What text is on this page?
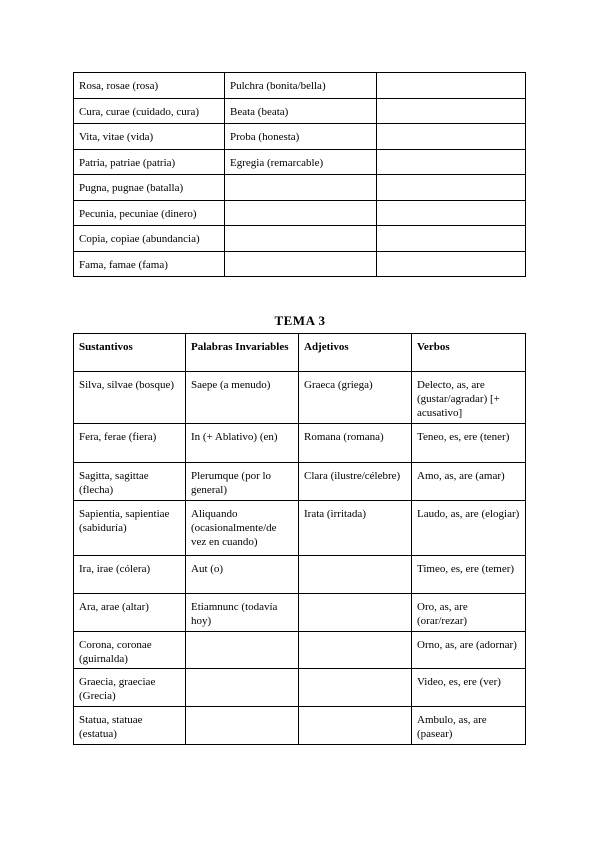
Rosa, rosae (rosa)	Pulchra (bonita/bella)	
Cura, curae (cuidado, cura)	Beata (beata)	
Vita, vitae (vida)	Proba (honesta)	
Patria, patriae (patria)	Egregia (remarcable)	
Pugna, pugnae (batalla)		
Pecunia, pecuniae (dinero)		
Copia, copiae (abundancia)		
Fama, famae (fama)		
TEMA 3
Sustantivos	Palabras Invariables	Adjetivos	Verbos
Silva, silvae (bosque)	Saepe (a menudo)	Graeca (griega)	Delecto, as, are (gustar/agradar) [+ acusativo]
Fera, ferae (fiera)	In (+ Ablativo) (en)	Romana (romana)	Teneo, es, ere (tener)
Sagitta, sagittae (flecha)	Plerumque (por lo general)	Clara (ilustre/célebre)	Amo, as, are (amar)
Sapientia, sapientiae (sabiduría)	Aliquando (ocasionalmente/de vez en cuando)	Irata (irritada)	Laudo, as, are (elogiar)
Ira, irae (cólera)	Aut (o)		Timeo, es, ere (temer)
Ara, arae (altar)	Etiamnunc (todavía hoy)		Oro, as, are (orar/rezar)
Corona, coronae (guirnalda)			Orno, as, are (adornar)
Graecia, graeciae (Grecia)			Video, es, ere (ver)
Statua, statuae (estatua)			Ambulo, as, are (pasear)
